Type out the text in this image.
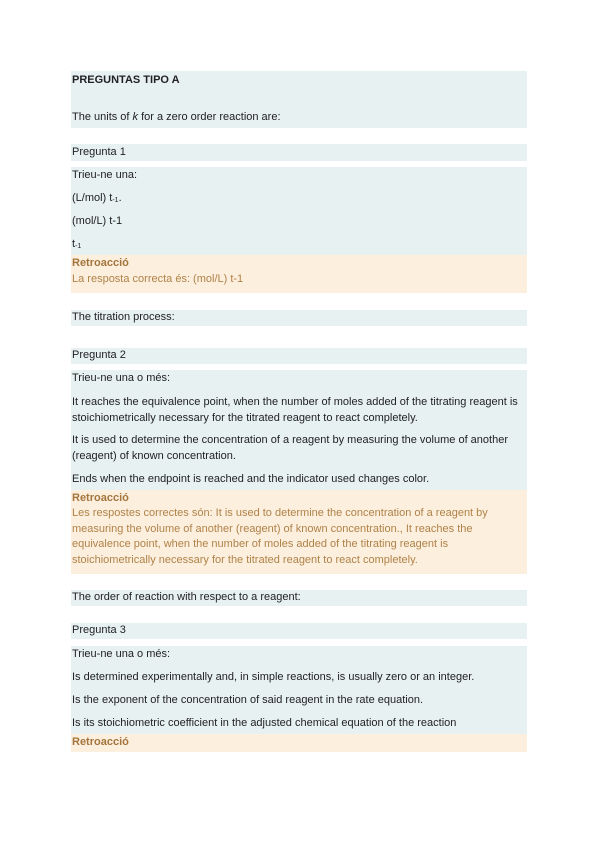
PREGUNTAS TIPO A
The units of k for a zero order reaction are:
Pregunta 1
Trieu-ne una:
(L/mol) $t_{-1}$.
(mol/L) t-1
$t_{-1}$
Retroacció
La resposta correcta és: (mol/L) t-1
The titration process:
Pregunta 2
Trieu-ne una o més:
It reaches the equivalence point, when the number of moles added of the titrating reagent is stoichiometrically necessary for the titrated reagent to react completely.
It is used to determine the concentration of a reagent by measuring the volume of another (reagent) of known concentration.
Ends when the endpoint is reached and the indicator used changes color.
Retroacció
Les respostes correctes són: It is used to determine the concentration of a reagent by measuring the volume of another (reagent) of known concentration., It reaches the equivalence point, when the number of moles added of the titrating reagent is stoichiometrically necessary for the titrated reagent to react completely.
The order of reaction with respect to a reagent:
Pregunta 3
Trieu-ne una o més:
Is determined experimentally and, in simple reactions, is usually zero or an integer.
Is the exponent of the concentration of said reagent in the rate equation.
Is its stoichiometric coefficient in the adjusted chemical equation of the reaction
Retroacció
